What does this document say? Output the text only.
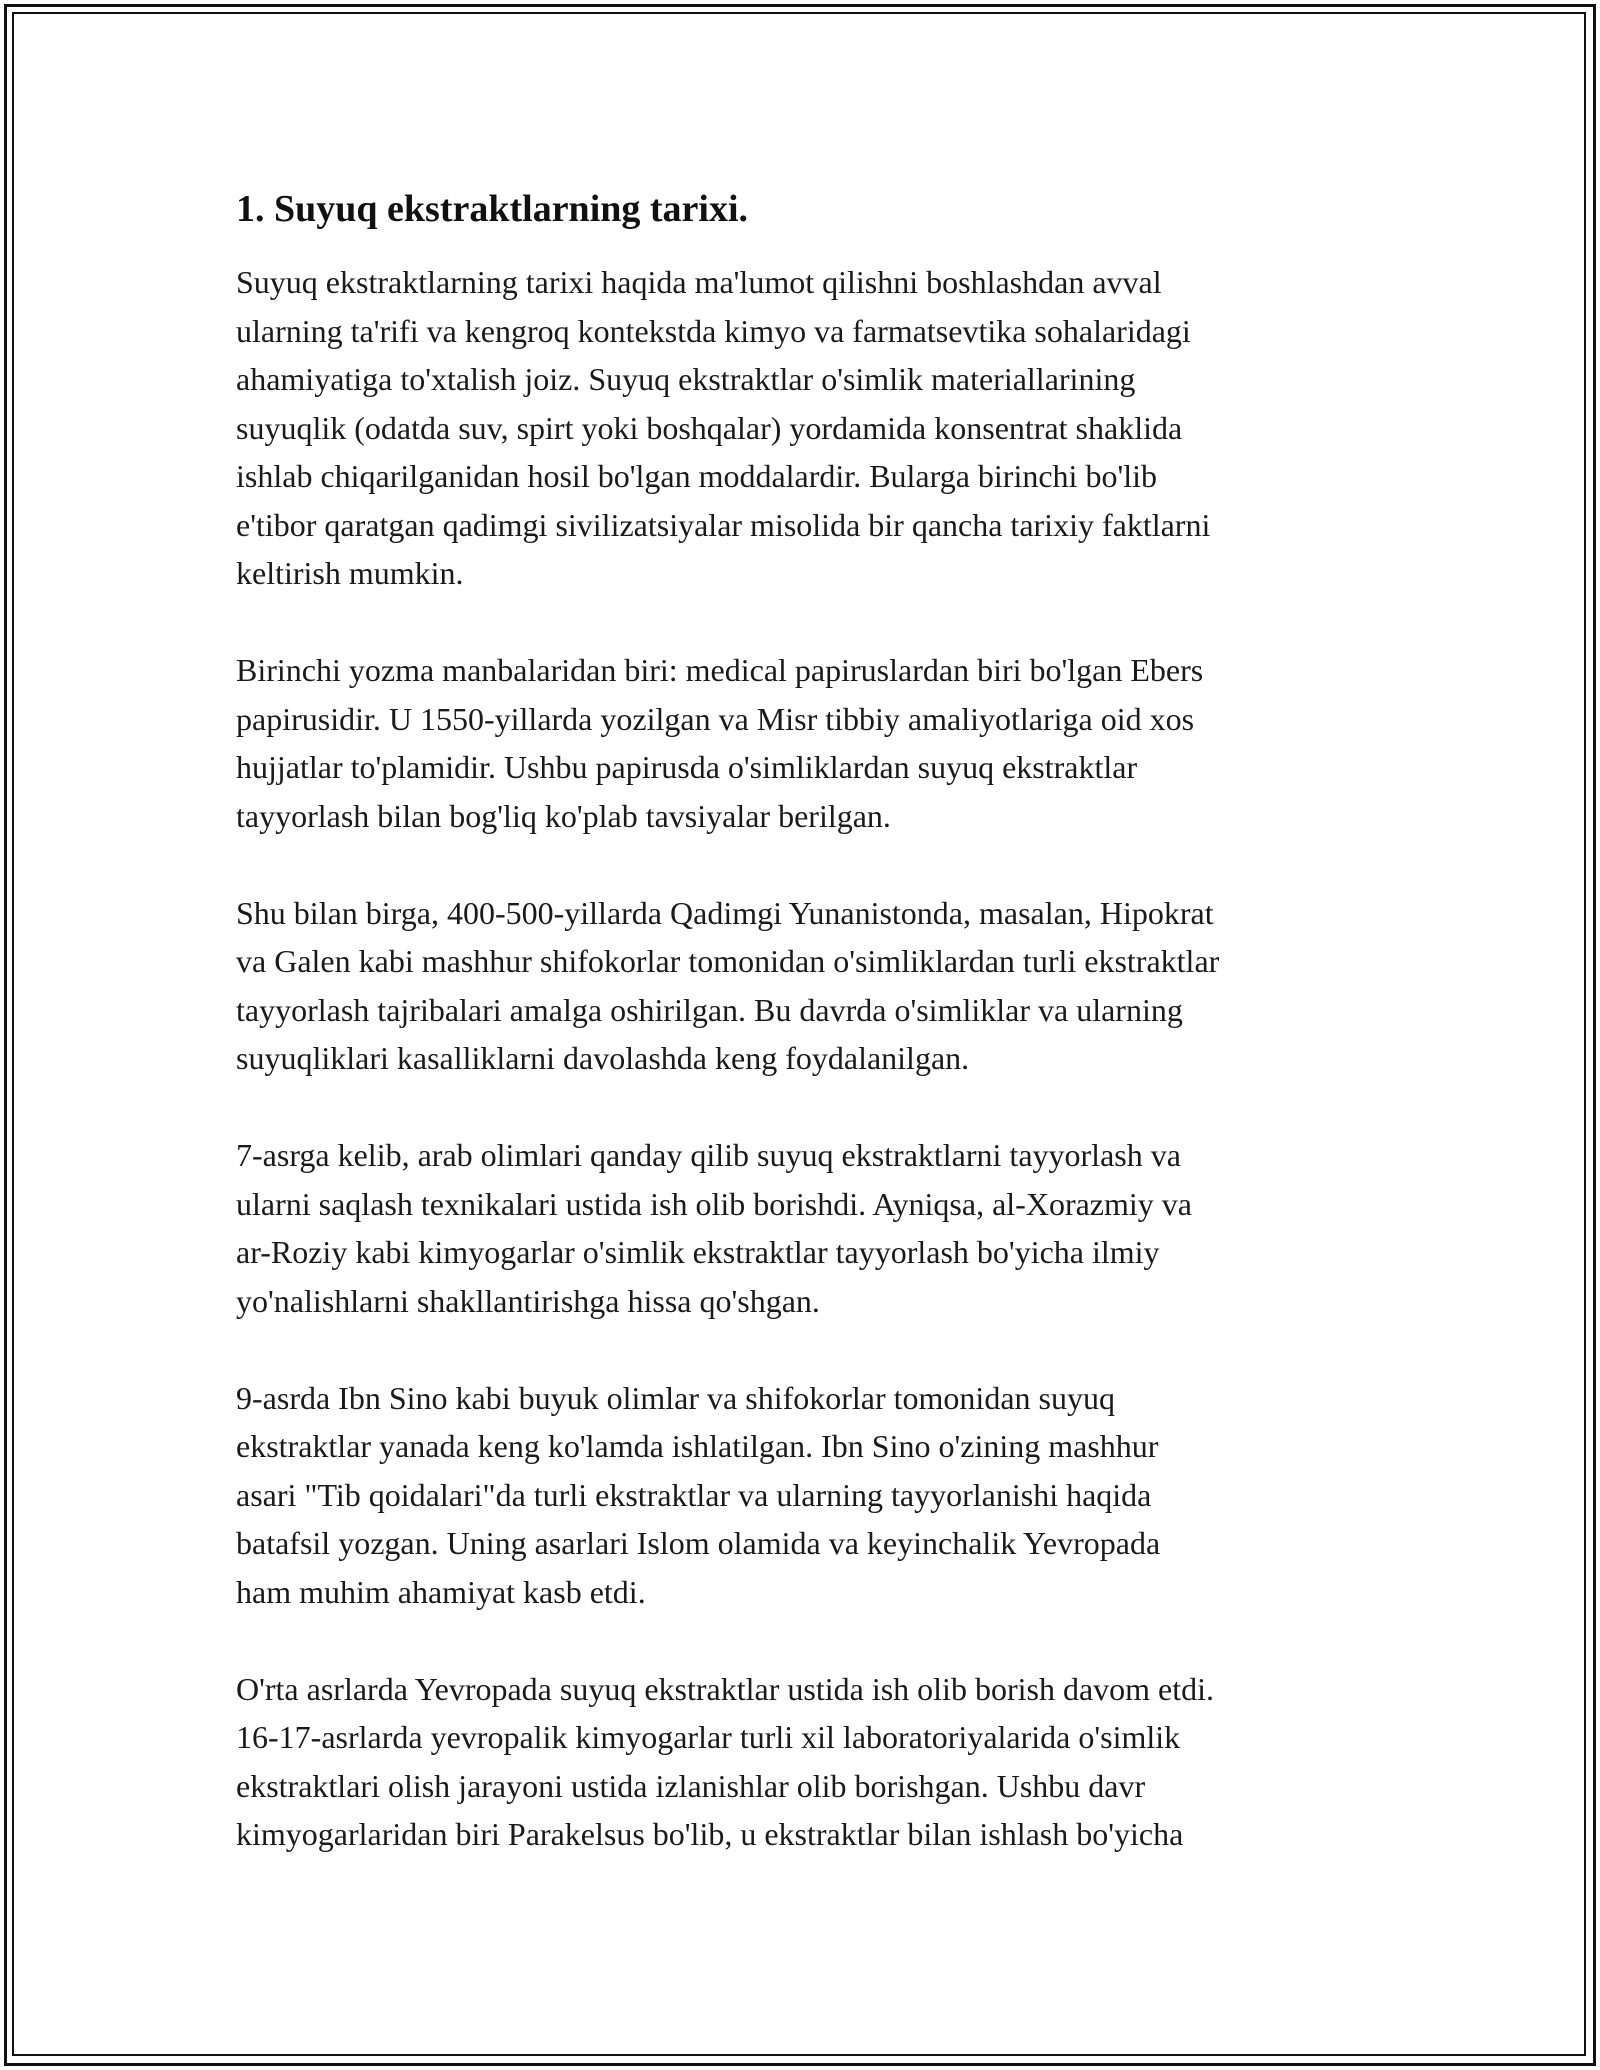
1. Suyuq ekstraktlarning tarixi.

Suyuq ekstraktlarning tarixi haqida ma'lumot qilishni boshlashdan avval
ularning ta'rifi va kengroq kontekstda kimyo va farmatsevtika sohalaridagi
ahamiyatiga to'xtalish joiz. Suyuq ekstraktlar o'simlik materiallarining
suyuqlik (odatda suv, spirt yoki boshqalar) yordamida konsentrat shaklida
ishlab chiqarilganidan hosil bo'lgan moddalardir. Bularga birinchi bo'lib
e'tibor qaratgan qadimgi sivilizatsiyalar misolida bir qancha tarixiy faktlarni
keltirish mumkin.

Birinchi yozma manbalaridan biri: medical papiruslardan biri bo'lgan Ebers
papirusidir. U 1550-yillarda yozilgan va Misr tibbiy amaliyotlariga oid xos
hujjatlar to'plamidir. Ushbu papirusda o'simliklardan suyuq ekstraktlar
tayyorlash bilan bog'liq ko'plab tavsiyalar berilgan.

Shu bilan birga, 400-500-yillarda Qadimgi Yunanistonda, masalan, Hipokrat
va Galen kabi mashhur shifokorlar tomonidan o'simliklardan turli ekstraktlar
tayyorlash tajribalari amalga oshirilgan. Bu davrda o'simliklar va ularning
suyuqliklari kasalliklarni davolashda keng foydalanilgan.

7-asrga kelib, arab olimlari qanday qilib suyuq ekstraktlarni tayyorlash va
ularni saqlash texnikalari ustida ish olib borishdi. Ayniqsa, al-Xorazmiy va
ar-Roziy kabi kimyogarlar o'simlik ekstraktlar tayyorlash bo'yicha ilmiy
yo'nalishlarni shakllantirishga hissa qo'shgan.

9-asrda Ibn Sino kabi buyuk olimlar va shifokorlar tomonidan suyuq
ekstraktlar yanada keng ko'lamda ishlatilgan. Ibn Sino o'zining mashhur
asari "Tib qoidalari"da turli ekstraktlar va ularning tayyorlanishi haqida
batafsil yozgan. Uning asarlari Islom olamida va keyinchalik Yevropada
ham muhim ahamiyat kasb etdi.

O'rta asrlarda Yevropada suyuq ekstraktlar ustida ish olib borish davom etdi.
16-17-asrlarda yevropalik kimyogarlar turli xil laboratoriyalarida o'simlik
ekstraktlari olish jarayoni ustida izlanishlar olib borishgan. Ushbu davr
kimyogarlaridan biri Parakelsus bo'lib, u ekstraktlar bilan ishlash bo'yicha
